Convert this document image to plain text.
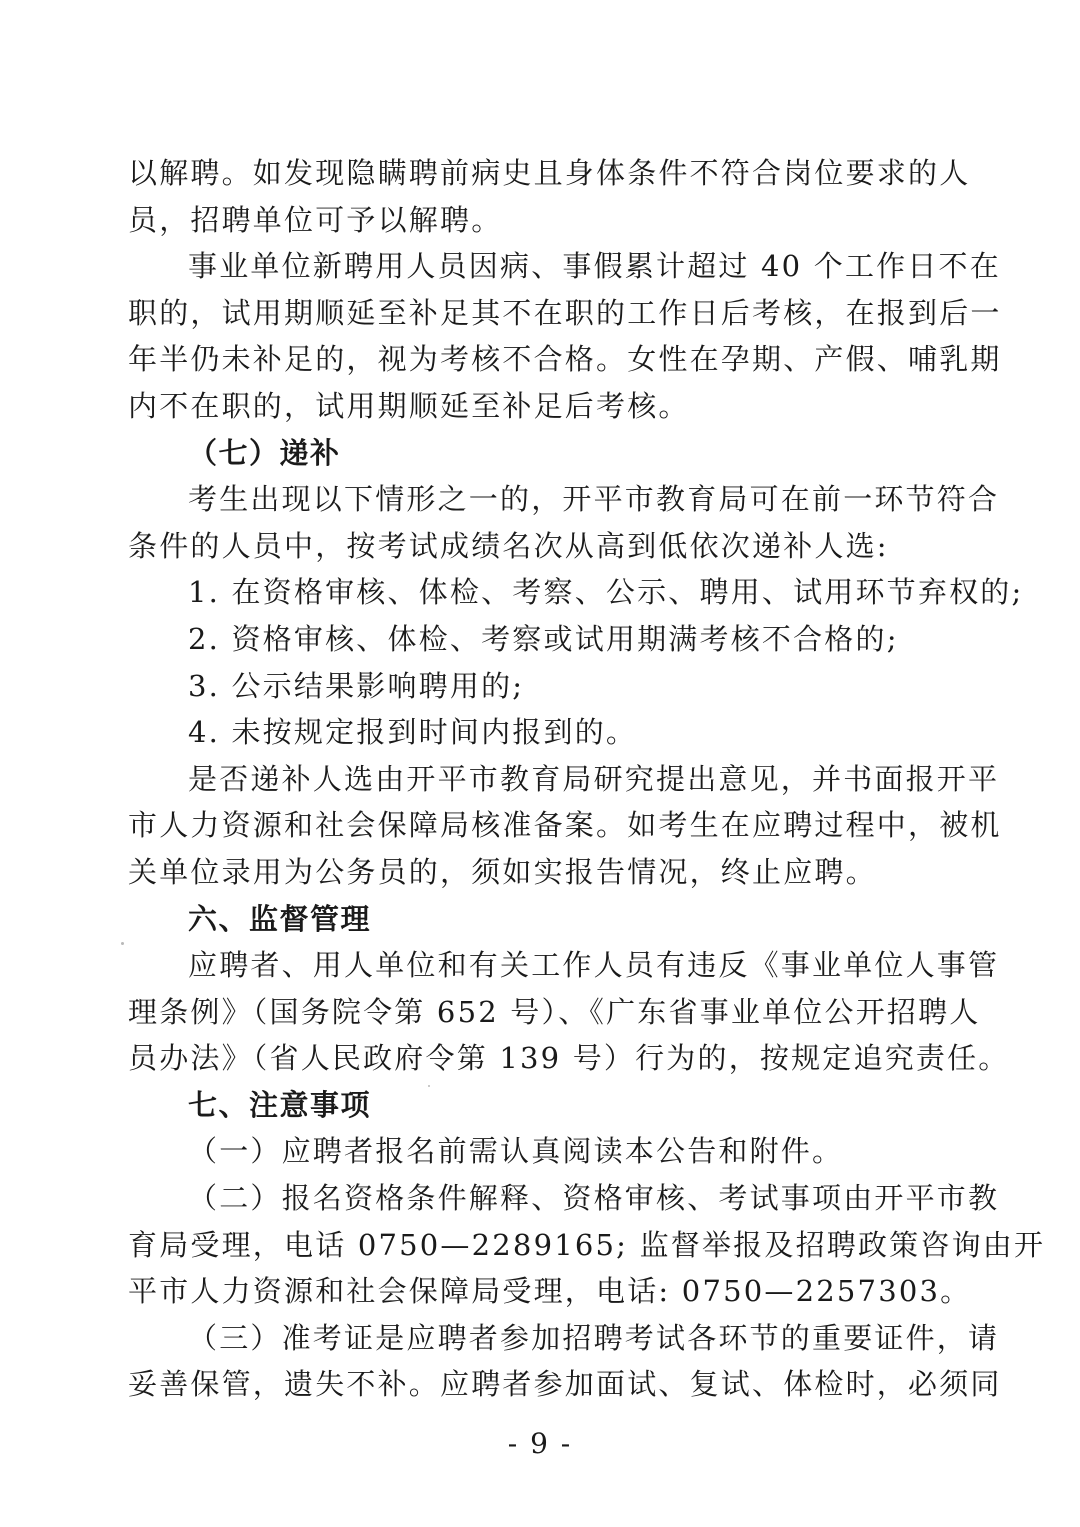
以解聘。如发现隐瞒聘前病史且身体条件不符合岗位要求的人
员，招聘单位可予以解聘。
事业单位新聘用人员因病、事假累计超过 40 个工作日不在
职的，试用期顺延至补足其不在职的工作日后考核，在报到后一
年半仍未补足的，视为考核不合格。女性在孕期、产假、哺乳期
内不在职的，试用期顺延至补足后考核。
（七）递补
考生出现以下情形之一的，开平市教育局可在前一环节符合
条件的人员中，按考试成绩名次从高到低依次递补人选:
1. 在资格审核、体检、考察、公示、聘用、试用环节弃权的;
2. 资格审核、体检、考察或试用期满考核不合格的;
3. 公示结果影响聘用的;
4. 未按规定报到时间内报到的。
是否递补人选由开平市教育局研究提出意见，并书面报开平
市人力资源和社会保障局核准备案。如考生在应聘过程中，被机
关单位录用为公务员的，须如实报告情况，终止应聘。
六、监督管理
应聘者、用人单位和有关工作人员有违反《事业单位人事管
理条例》（国务院令第 652 号）、《广东省事业单位公开招聘人
员办法》（省人民政府令第 139 号）行为的，按规定追究责任。
七、注意事项
（一）应聘者报名前需认真阅读本公告和附件。
（二）报名资格条件解释、资格审核、考试事项由开平市教
育局受理，电话 0750—2289165; 监督举报及招聘政策咨询由开
平市人力资源和社会保障局受理，电话: 0750—2257303。
（三）准考证是应聘者参加招聘考试各环节的重要证件，请
妥善保管，遗失不补。应聘者参加面试、复试、体检时，必须同
- 9 -
